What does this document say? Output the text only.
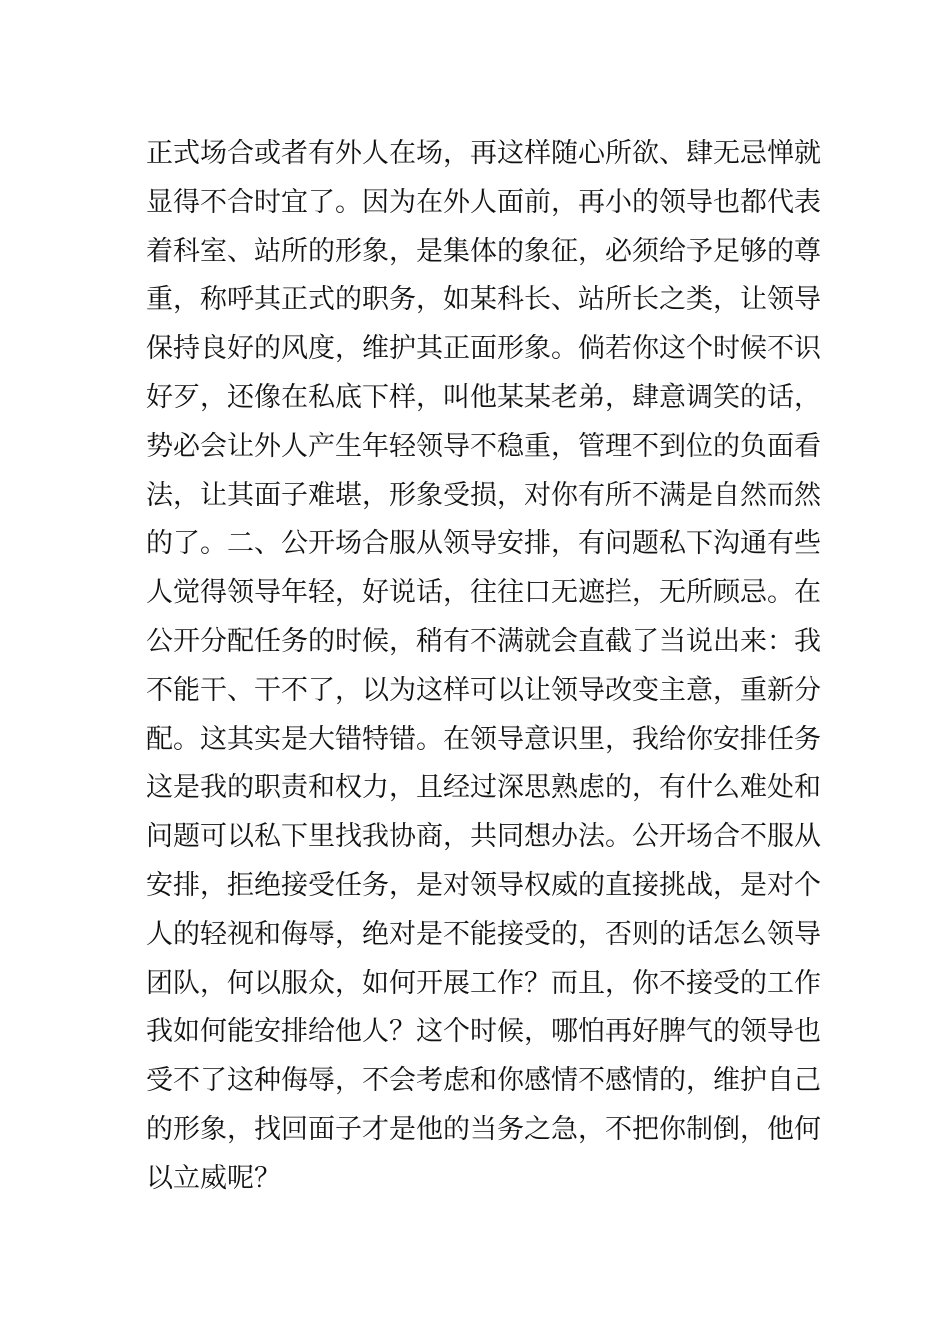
正式场合或者有外人在场，再这样随心所欲、肆无忌惮就
显得不合时宜了。因为在外人面前，再小的领导也都代表
着科室、站所的形象，是集体的象征，必须给予足够的尊
重，称呼其正式的职务，如某科长、站所长之类，让领导
保持良好的风度，维护其正面形象。倘若你这个时候不识
好歹，还像在私底下样，叫他某某老弟，肆意调笑的话，
势必会让外人产生年轻领导不稳重，管理不到位的负面看
法，让其面子难堪，形象受损，对你有所不满是自然而然
的了。二、公开场合服从领导安排，有问题私下沟通有些
人觉得领导年轻，好说话，往往口无遮拦，无所顾忌。在
公开分配任务的时候，稍有不满就会直截了当说出来：我
不能干、干不了，以为这样可以让领导改变主意，重新分
配。这其实是大错特错。在领导意识里，我给你安排任务
这是我的职责和权力，且经过深思熟虑的，有什么难处和
问题可以私下里找我协商，共同想办法。公开场合不服从
安排，拒绝接受任务，是对领导权威的直接挑战，是对个
人的轻视和侮辱，绝对是不能接受的，否则的话怎么领导
团队，何以服众，如何开展工作？而且，你不接受的工作
我如何能安排给他人？这个时候，哪怕再好脾气的领导也
受不了这种侮辱，不会考虑和你感情不感情的，维护自己
的形象，找回面子才是他的当务之急，不把你制倒，他何
以立威呢？
